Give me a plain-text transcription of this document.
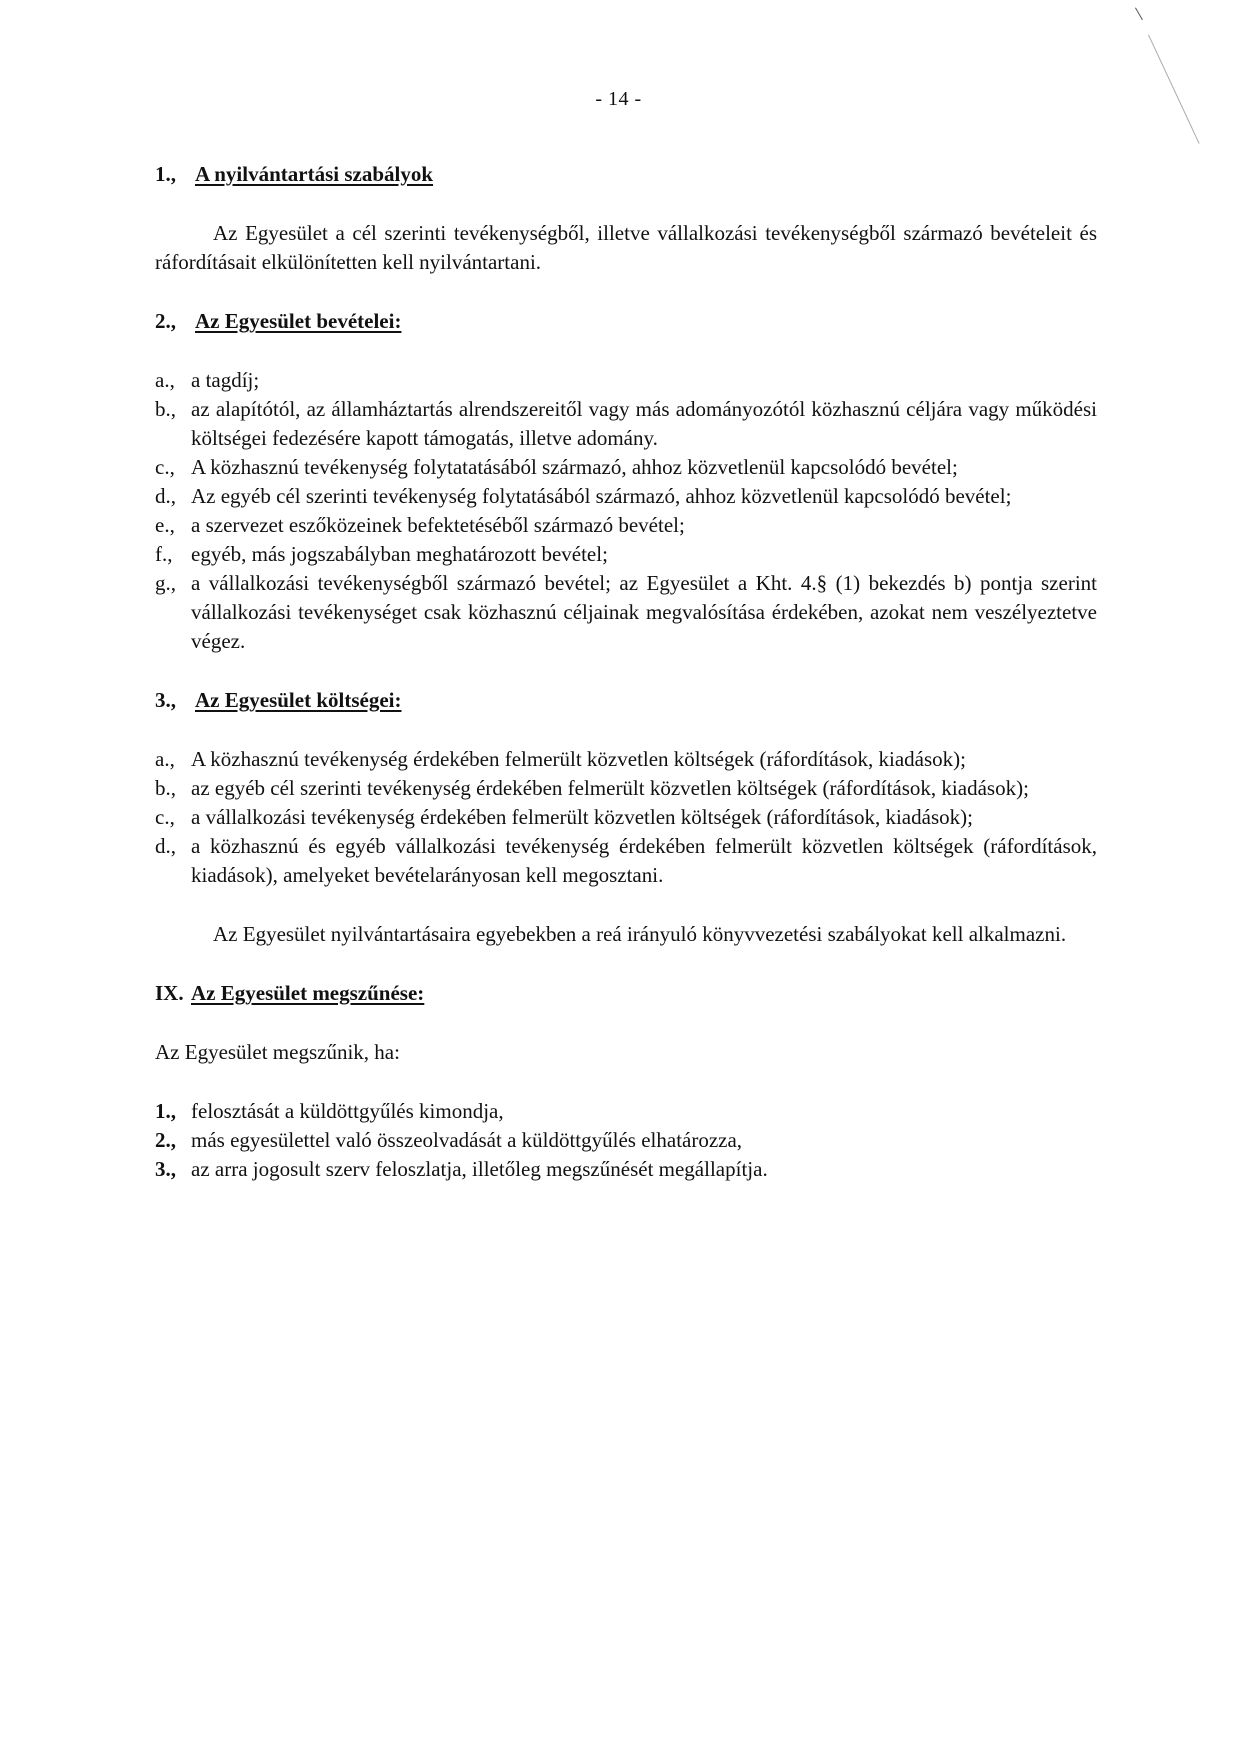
- 14 -

1., A nyilvántartási szabályok

Az Egyesület a cél szerinti tevékenységből, illetve vállalkozási tevékenységből származó bevételeit és ráfordításait elkülönítetten kell nyilvántartani.

2., Az Egyesület bevételei:

a., a tagdíj;
b., az alapítótól, az államháztartás alrendszereitől vagy más adományozótól közhasznú céljára vagy működési költségei fedezésére kapott támogatás, illetve adomány.
c., A közhasznú tevékenység folytatatásából származó, ahhoz közvetlenül kapcsolódó bevétel;
d., Az egyéb cél szerinti tevékenység folytatásából származó, ahhoz közvetlenül kapcsolódó bevétel;
e., a szervezet eszőközeinek befektetéséből származó bevétel;
f., egyéb, más jogszabályban meghatározott bevétel;
g., a vállalkozási tevékenységből származó bevétel; az Egyesület a Kht. 4.§ (1) bekezdés b) pontja szerint vállalkozási tevékenységet csak közhasznú céljainak megvalósítása érdekében, azokat nem veszélyeztetve végez.

3., Az Egyesület költségei:

a., A közhasznú tevékenység érdekében felmerült közvetlen költségek (ráfordítások, kiadások);
b., az egyéb cél szerinti tevékenység érdekében felmerült közvetlen költségek (ráfordítások, kiadások);
c., a vállalkozási tevékenység érdekében felmerült közvetlen költségek (ráfordítások, kiadások);
d., a közhasznú és egyéb vállalkozási tevékenység érdekében felmerült közvetlen költségek (ráfordítások, kiadások), amelyeket bevételarányosan kell megosztani.

Az Egyesület nyilvántartásaira egyebekben a reá irányuló könyvvezetési szabályokat kell alkalmazni.

IX. Az Egyesület megszűnése:

Az Egyesület megszűnik, ha:

1., felosztását a küldöttgyűlés kimondja,
2., más egyesülettel való összeolvadását a küldöttgyűlés elhatározza,
3., az arra jogosult szerv feloszlatja, illetőleg megszűnését megállapítja.
